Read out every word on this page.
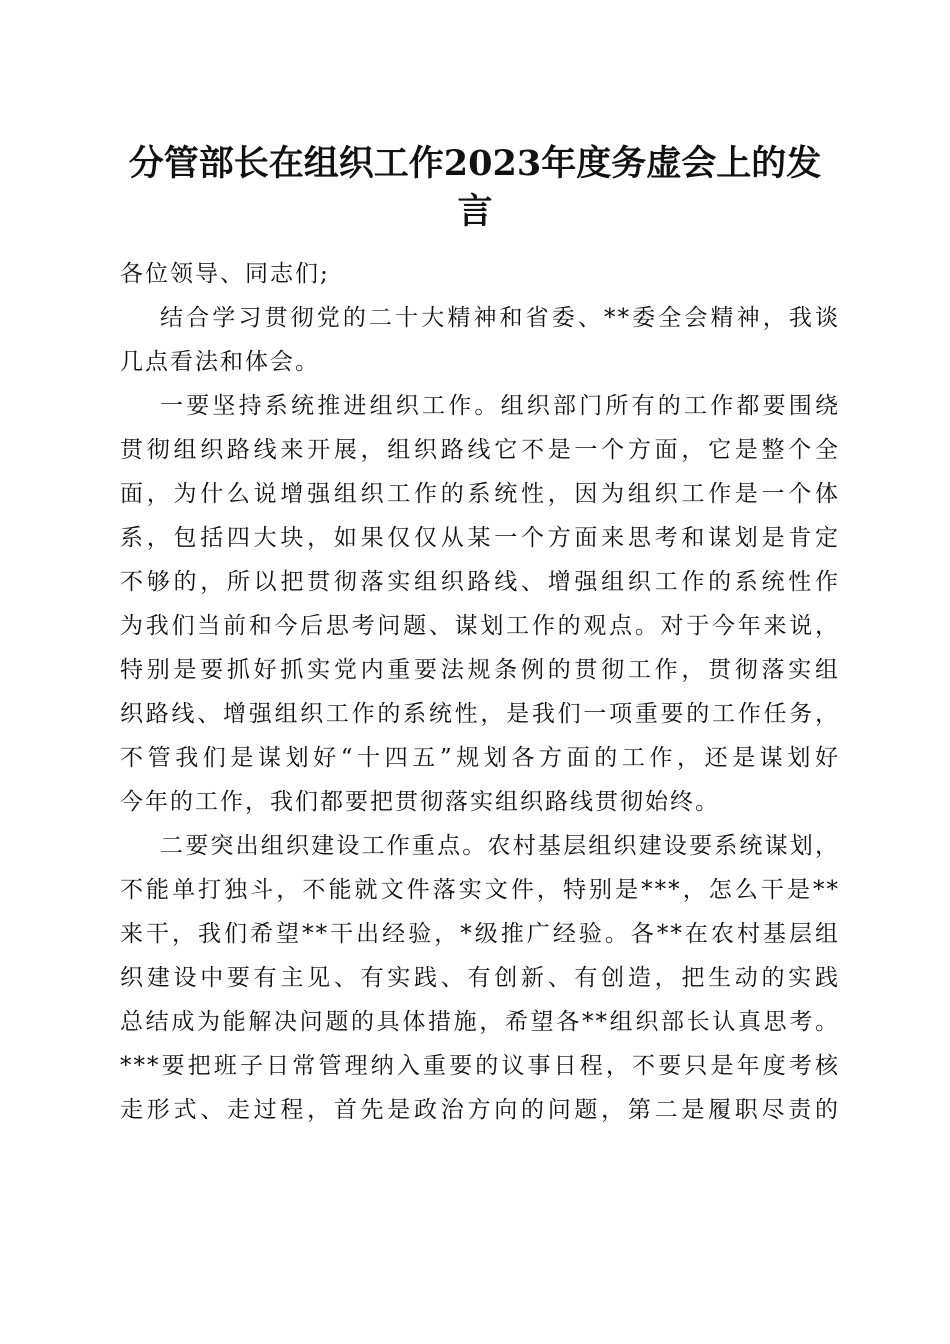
分管部长在组织工作2023年度务虚会上的发
言
各位领导、同志们;
结合学习贯彻党的二十大精神和省委、**委全会精神，我谈
几点看法和体会。
一要坚持系统推进组织工作。组织部门所有的工作都要围绕
贯彻组织路线来开展，组织路线它不是一个方面，它是整个全
面，为什么说增强组织工作的系统性，因为组织工作是一个体
系，包括四大块，如果仅仅从某一个方面来思考和谋划是肯定
不够的，所以把贯彻落实组织路线、增强组织工作的系统性作
为我们当前和今后思考问题、谋划工作的观点。对于今年来说，
特别是要抓好抓实党内重要法规条例的贯彻工作，贯彻落实组
织路线、增强组织工作的系统性，是我们一项重要的工作任务，
不管我们是谋划好“十四五”规划各方面的工作，还是谋划好
今年的工作，我们都要把贯彻落实组织路线贯彻始终。
二要突出组织建设工作重点。农村基层组织建设要系统谋划，
不能单打独斗，不能就文件落实文件，特别是***，怎么干是**
来干，我们希望**干出经验，*级推广经验。各**在农村基层组
织建设中要有主见、有实践、有创新、有创造，把生动的实践
总结成为能解决问题的具体措施，希望各**组织部长认真思考。
***要把班子日常管理纳入重要的议事日程，不要只是年度考核
走形式、走过程，首先是政治方向的问题，第二是履职尽责的
